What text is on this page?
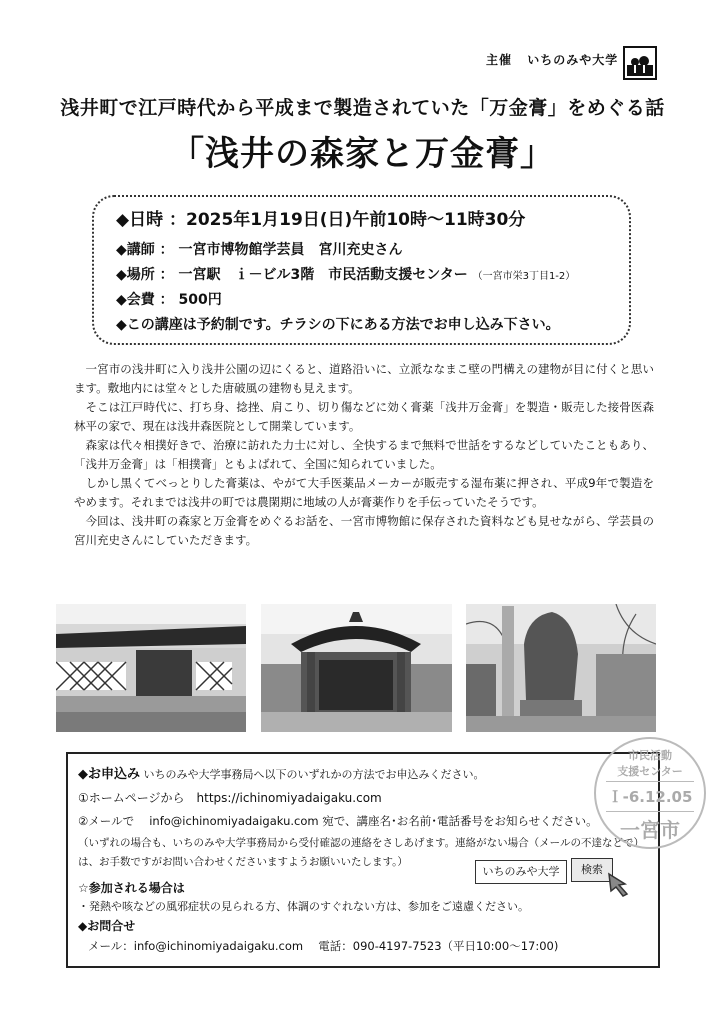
主催 いちのみや大学
浅井町で江戸時代から平成まで製造されていた「万金膏」をめぐる話
「浅井の森家と万金膏」
◆日時 ：2025年1月19日(日)午前10時～11時30分
◆講師 ： 一宮市博物館学芸員　宮川充史さん
◆場所 ： 一宮駅　ｉ－ビル3階　市民活動支援センター （一宮市栄3丁目1-2）
◆会費 ： 500円
◆この講座は予約制です。チラシの下にある方法でお申し込み下さい。

一宮市の浅井町に入り浅井公園の辺にくると、道路沿いに、立派ななまこ壁の門構えの建物が目に付くと思います。敷地内には堂々とした唐破風の建物も見えます。

そこは江戸時代に、打ち身、捻挫、肩こり、切り傷などに効く膏薬「浅井万金膏」を製造・販売した接骨医森林平の家で、現在は浅井森医院として開業しています。

森家は代々相撲好きで、治療に訪れた力士に対し、全快するまで無料で世話をするなどしていたこともあり、「浅井万金膏」は「相撲膏」ともよばれて、全国に知られていました。

しかし黒くてべっとりした膏薬は、やがて大手医薬品メーカーが販売する湿布薬に押され、平成9年で製造をやめます。それまでは浅井の町では農閑期に地域の人が膏薬作りを手伝っていたそうです。

今回は、浅井町の森家と万金膏をめぐるお話を、一宮市博物館に保存された資料なども見せながら、学芸員の宮川充史さんにしていただきます。

◆お申込み いちのみや大学事務局へ以下のいずれかの方法でお申込みください。
①ホームページから　https://ichinomiyadaigaku.com
②メールで　 info@ichinomiyadaigaku.com 宛で、講座名･お名前･電話番号をお知らせください。
（いずれの場合も、いちのみや大学事務局から受付確認の連絡をさしあげます。連絡がない場合（メールの不達などで）
は、お手数ですがお問い合わせくださいますようお願いいたします。）
☆参加される場合は
・発熱や咳などの風邪症状の見られる方、体調のすぐれない方は、参加をご遠慮ください。
◆お問合せ
メール：info@ichinomiyadaigaku.com　 電話：090-4197-7523（平日10:00～17:00)
いちのみや大学	検索
市民活動
支援センター
Ｉ-6.12.05
一宮市
